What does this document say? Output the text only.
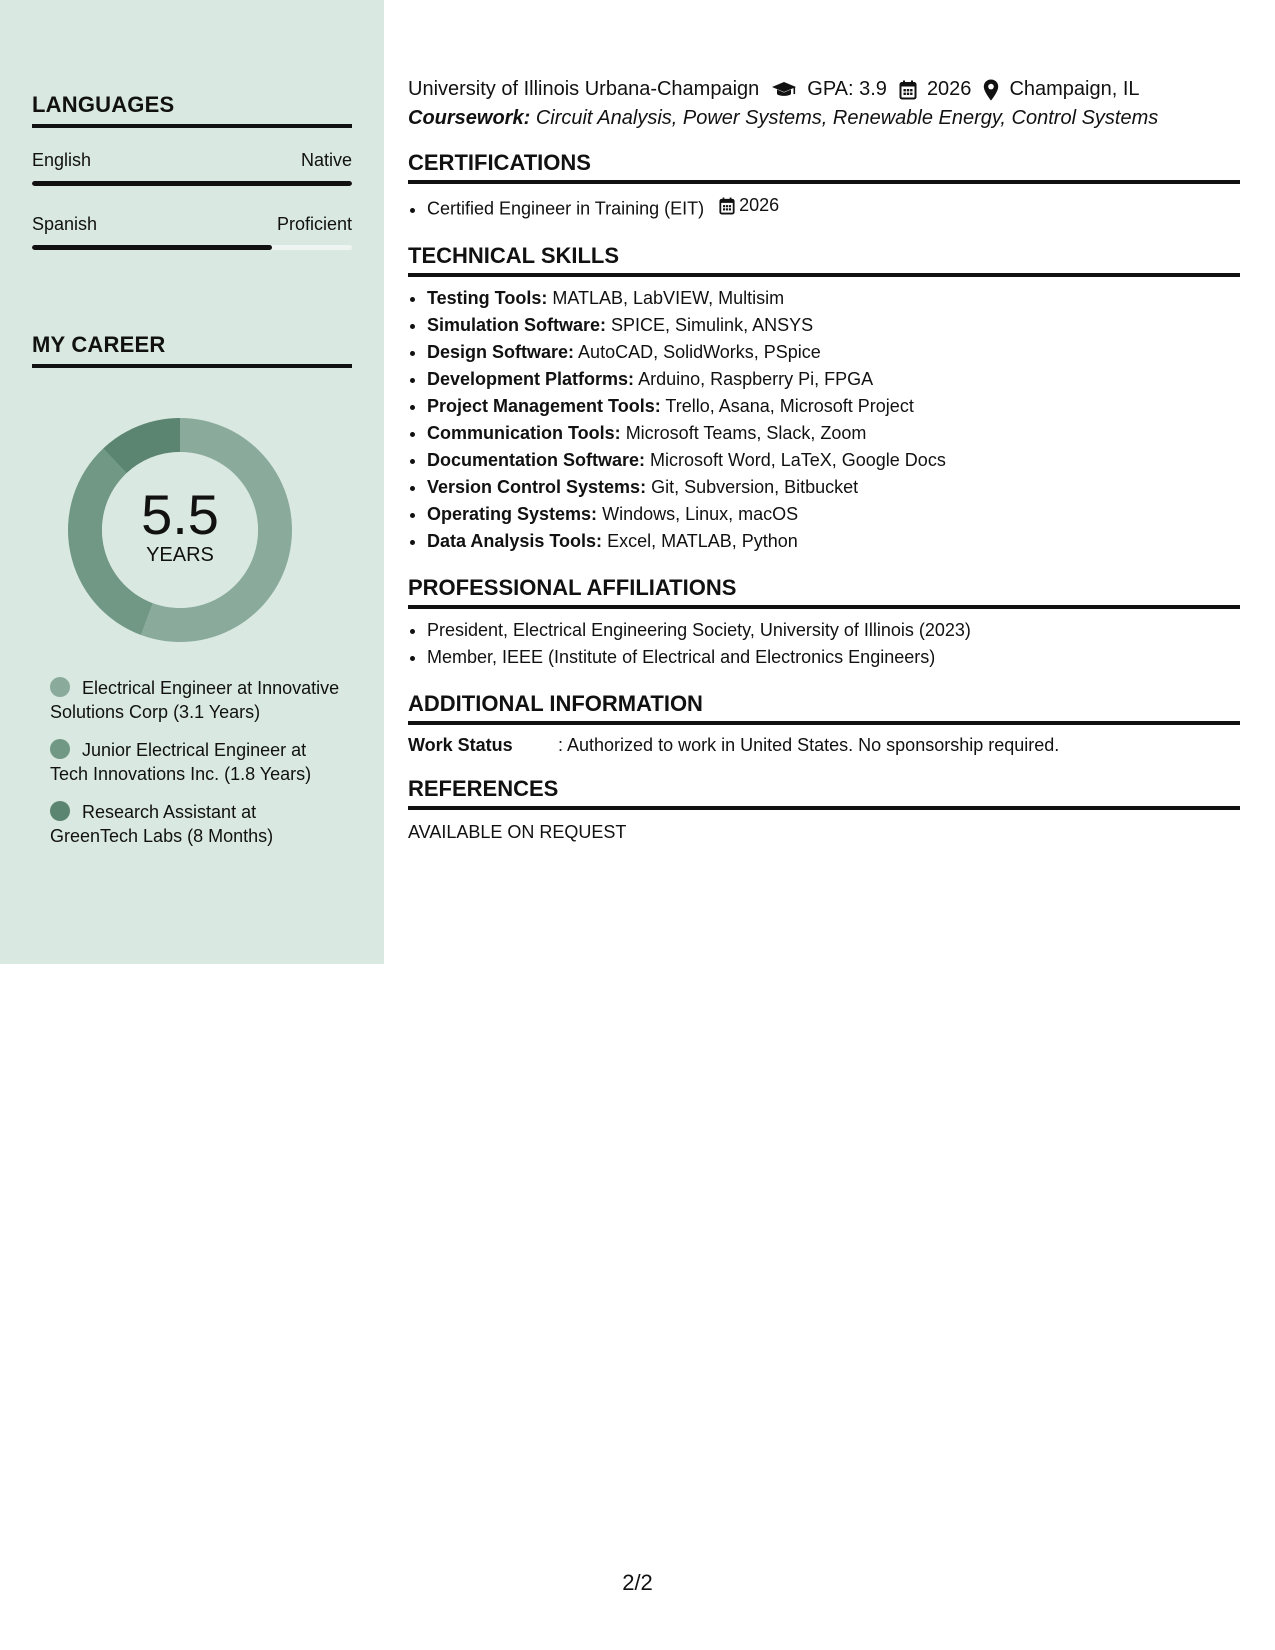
LANGUAGES
English	Native
Spanish	Proficient
MY CAREER
5.5
YEARS
Electrical Engineer at Innovative Solutions Corp (3.1 Years)
Junior Electrical Engineer at Tech Innovations Inc. (1.8 Years)
Research Assistant at GreenTech Labs (8 Months)
University of Illinois Urbana-Champaign GPA: 3.9 2026 Champaign, IL
Coursework: Circuit Analysis, Power Systems, Renewable Energy, Control Systems
CERTIFICATIONS
• Certified Engineer in Training (EIT) 2026
TECHNICAL SKILLS
• Testing Tools: MATLAB, LabVIEW, Multisim
• Simulation Software: SPICE, Simulink, ANSYS
• Design Software: AutoCAD, SolidWorks, PSpice
• Development Platforms: Arduino, Raspberry Pi, FPGA
• Project Management Tools: Trello, Asana, Microsoft Project
• Communication Tools: Microsoft Teams, Slack, Zoom
• Documentation Software: Microsoft Word, LaTeX, Google Docs
• Version Control Systems: Git, Subversion, Bitbucket
• Operating Systems: Windows, Linux, macOS
• Data Analysis Tools: Excel, MATLAB, Python
PROFESSIONAL AFFILIATIONS
• President, Electrical Engineering Society, University of Illinois (2023)
• Member, IEEE (Institute of Electrical and Electronics Engineers)
ADDITIONAL INFORMATION
Work Status	: Authorized to work in United States. No sponsorship required.
REFERENCES
AVAILABLE ON REQUEST
2/2
